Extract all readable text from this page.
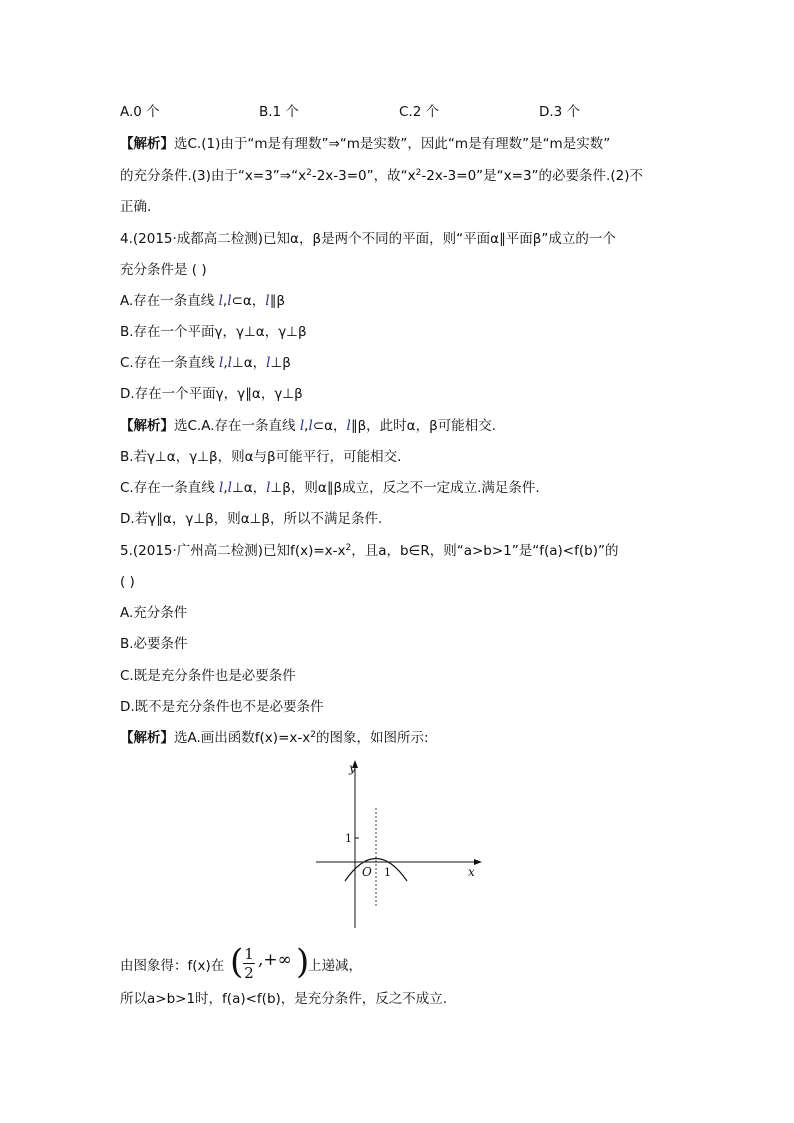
A.0 个	B.1 个	C.2 个	D.3 个
【解析】选C.(1)由于“m是有理数”⇒“m是实数”，因此“m是有理数”是“m是实数”
的充分条件.(3)由于“$x=3”\Rightarrow“x^2-2x-3=0$”，故“$x^2-2x-3=0$”是“x=3”的必要条件.(2)不
正确.
4.(2015·成都高二检测)已知α，β是两个不同的平面，则“平面α∥平面β”成立的一个
充分条件是 ( )
A.存在一条直线 l,l⊂α，l∥β
B.存在一个平面γ，γ⊥α，γ⊥β
C.存在一条直线 l,l⊥α，l⊥β
D.存在一个平面γ，γ∥α，γ⊥β
【解析】选C.A.存在一条直线 l,l⊂α，l∥β，此时α，β可能相交.
B.若γ⊥α，γ⊥β，则α与β可能平行，可能相交.
C.存在一条直线 l,l⊥α，l⊥β，则α∥β成立，反之不一定成立.满足条件.
D.若γ∥α，γ⊥β，则α⊥β，所以不满足条件.
5.(2015·广州高二检测)已知$f(x)=x-x^2$，且a，b∈R，则“a>b>1”是“f(a)<f(b)”的
( )
A.充分条件
B.必要条件
C.既是充分条件也是必要条件
D.既不是充分条件也不是必要条件
【解析】选A.画出函数$f(x)=x-x^2$的图象，如图所示:
y
x
O 1
1
由图象得：f(x)在 ( 1
2
,+∞ )
上递减，
所以a>b>1时，f(a)<f(b)，是充分条件，反之不成立.
